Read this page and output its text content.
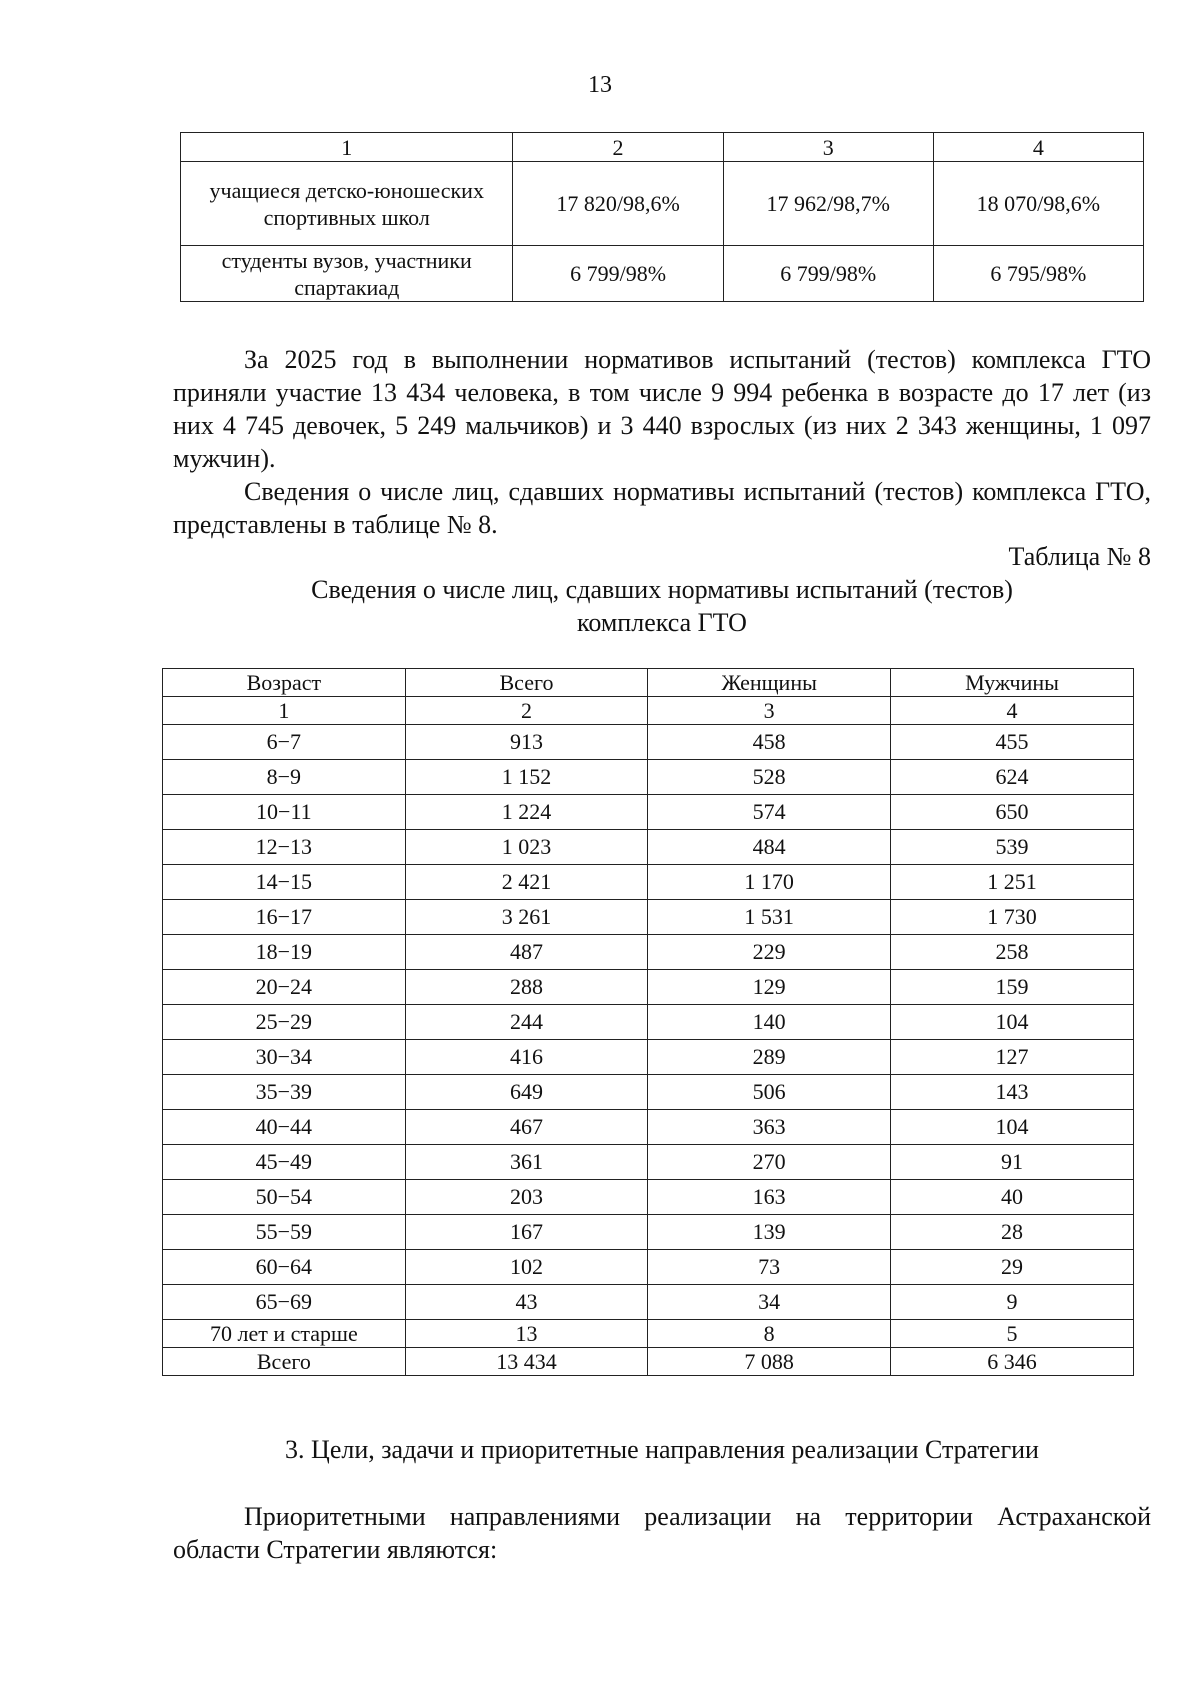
13
1	2	3	4
учащиеся детско-юношеских спортивных школ	17 820/98,6%	17 962/98,7%	18 070/98,6%
студенты вузов, участники спартакиад	6 799/98%	6 799/98%	6 795/98%

За 2025 год в выполнении нормативов испытаний (тестов) комплекса ГТО приняли участие 13 434 человека, в том числе 9 994 ребенка в возрасте до 17 лет (из них 4 745 девочек, 5 249 мальчиков) и 3 440 взрослых (из них 2 343 женщины, 1 097 мужчин).

Сведения о числе лиц, сдавших нормативы испытаний (тестов) комплекса ГТО, представлены в таблице № 8.

Таблица № 8
Сведения о числе лиц, сдавших нормативы испытаний (тестов)
комплекса ГТО
Возраст	Всего	Женщины	Мужчины
1	2	3	4
6−7	913	458	455
8−9	1 152	528	624
10−11	1 224	574	650
12−13	1 023	484	539
14−15	2 421	1 170	1 251
16−17	3 261	1 531	1 730
18−19	487	229	258
20−24	288	129	159
25−29	244	140	104
30−34	416	289	127
35−39	649	506	143
40−44	467	363	104
45−49	361	270	91
50−54	203	163	40
55−59	167	139	28
60−64	102	73	29
65−69	43	34	9
70 лет и старше	13	8	5
Всего	13 434	7 088	6 346
3. Цели, задачи и приоритетные направления реализации Стратегии

Приоритетными направлениями реализации на территории Астраханской области Стратегии являются:
